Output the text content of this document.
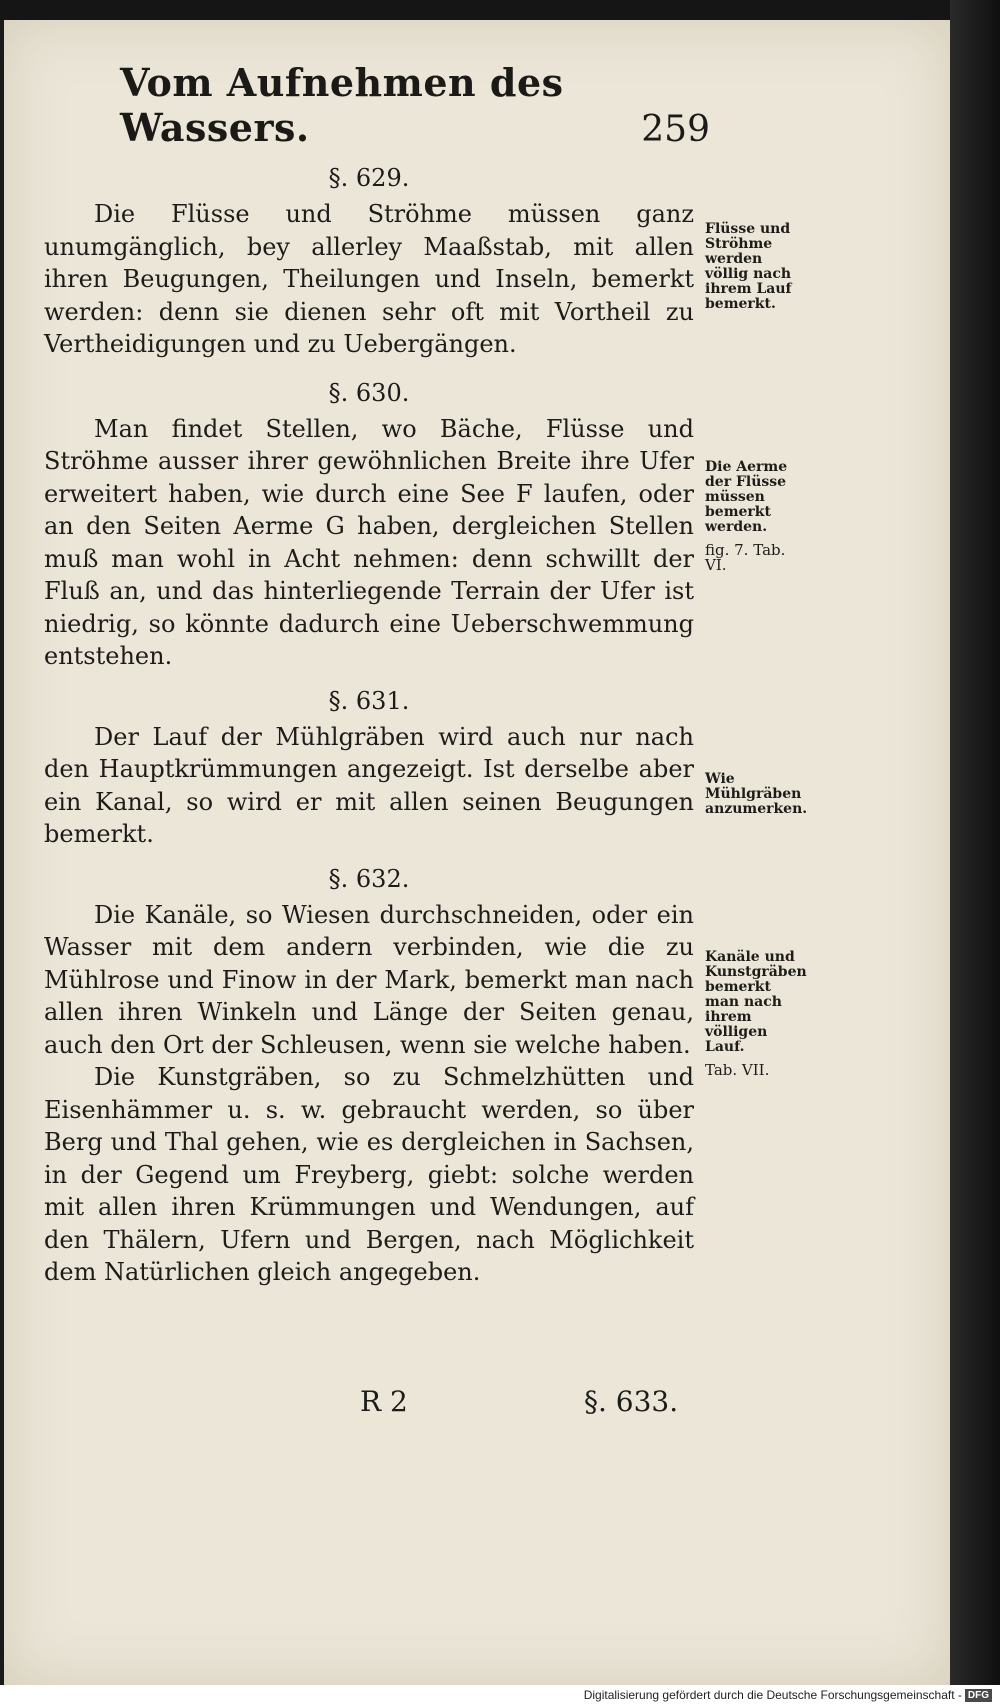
Vom Aufnehmen des Wassers.	259
§. 629.

Die Flüsse und Ströhme müssen ganz unumgänglich, bey allerley Maaßstab, mit allen ihren Beugungen, Theilungen und Inseln, bemerkt werden: denn sie dienen sehr oft mit Vortheil zu Vertheidigungen und zu Uebergängen.

§. 630.

Man findet Stellen, wo Bäche, Flüsse und Ströhme ausser ihrer gewöhnlichen Breite ihre Ufer erweitert haben, wie durch eine See F laufen, oder an den Seiten Aerme G haben, dergleichen Stellen muß man wohl in Acht nehmen: denn schwillt der Fluß an, und das hinterliegende Terrain der Ufer ist niedrig, so könnte dadurch eine Ueberschwemmung entstehen.

§. 631.

Der Lauf der Mühlgräben wird auch nur nach den Hauptkrümmungen angezeigt. Ist derselbe aber ein Kanal, so wird er mit allen seinen Beugungen bemerkt.

§. 632.

Die Kanäle, so Wiesen durchschneiden, oder ein Wasser mit dem andern verbinden, wie die zu Mühlrose und Finow in der Mark, bemerkt man nach allen ihren Winkeln und Länge der Seiten genau, auch den Ort der Schleusen, wenn sie welche haben.

Die Kunstgräben, so zu Schmelzhütten und Eisenhämmer u. s. w. gebraucht werden, so über Berg und Thal gehen, wie es dergleichen in Sachsen, in der Gegend um Freyberg, giebt: solche werden mit allen ihren Krümmungen und Wendungen, auf den Thälern, Ufern und Bergen, nach Möglichkeit dem Natürlichen gleich angegeben.

Flüsse und Ströhme werden völlig nach ihrem Lauf bemerkt.
Die Aerme der Flüsse müssen bemerkt werden.
fig. 7. Tab. VI.
Wie Mühlgräben anzumerken.
Kanäle und Kunstgräben bemerkt man nach ihrem völligen Lauf.
Tab. VII.
R 2	§. 633.
Digitalisierung gefördert durch die Deutsche Forschungsgemeinschaft - DFG
